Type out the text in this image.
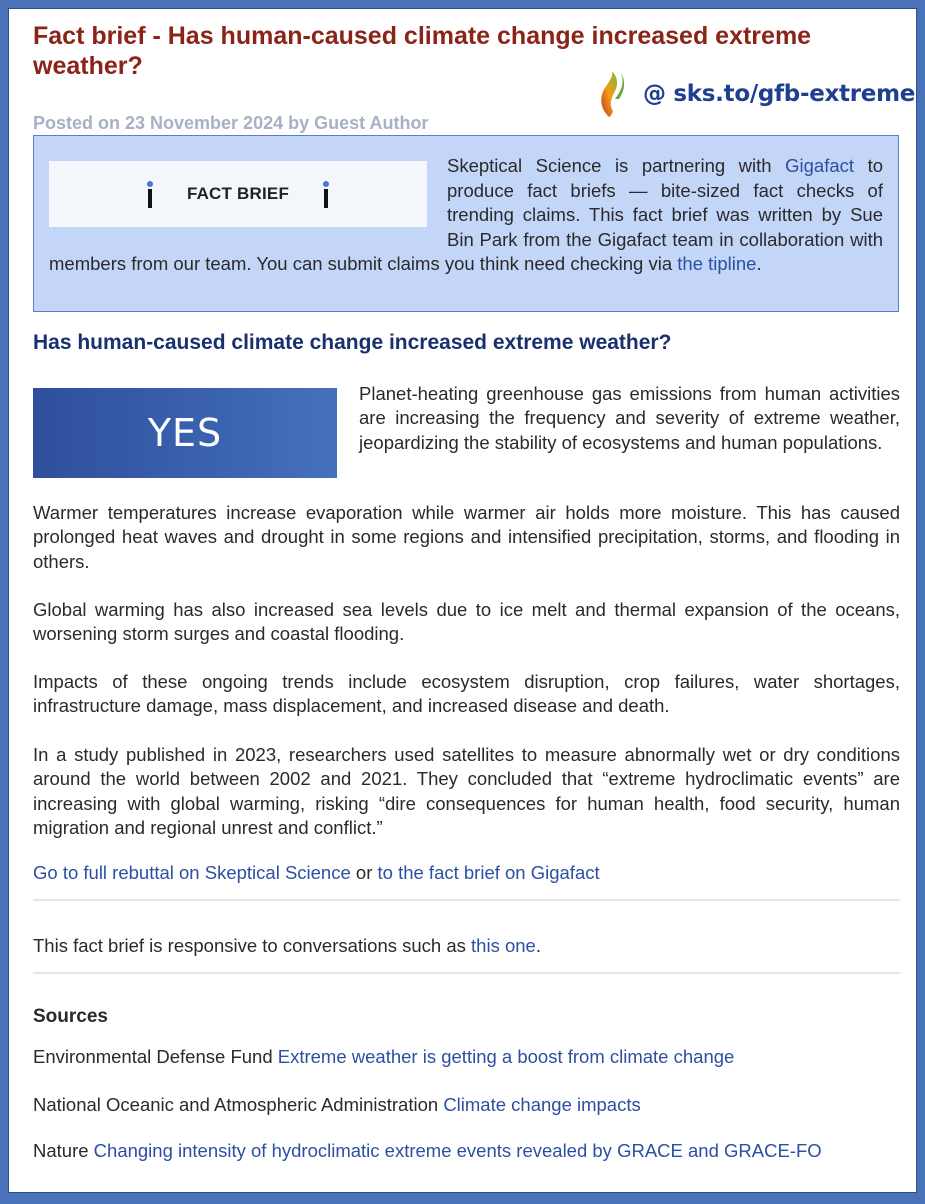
Fact brief - Has human-caused climate change increased extreme weather?
@ sks.to/gfb-extreme
Posted on 23 November 2024 by Guest Author
FACT BRIEF
Skeptical Science is partnering with Gigafact to produce fact briefs — bite-sized fact checks of trending claims. This fact brief was written by Sue Bin Park from the Gigafact team in collaboration with members from our team. You can submit claims you think need checking via the tipline.
Has human-caused climate change increased extreme weather?
YES
Planet-heating greenhouse gas emissions from human activities are increasing the frequency and severity of extreme weather, jeopardizing the stability of ecosystems and human populations.
Warmer temperatures increase evaporation while warmer air holds more moisture. This has caused prolonged heat waves and drought in some regions and intensified precipitation, storms, and flooding in others.
Global warming has also increased sea levels due to ice melt and thermal expansion of the oceans, worsening storm surges and coastal flooding.
Impacts of these ongoing trends include ecosystem disruption, crop failures, water shortages, infrastructure damage, mass displacement, and increased disease and death.
In a study published in 2023, researchers used satellites to measure abnormally wet or dry conditions around the world between 2002 and 2021. They concluded that “extreme hydroclimatic events” are increasing with global warming, risking “dire consequences for human health, food security, human migration and regional unrest and conflict.”
Go to full rebuttal on Skeptical Science or to the fact brief on Gigafact
This fact brief is responsive to conversations such as this one.
Sources
Environmental Defense Fund Extreme weather is getting a boost from climate change
National Oceanic and Atmospheric Administration Climate change impacts
Nature Changing intensity of hydroclimatic extreme events revealed by GRACE and GRACE-FO
